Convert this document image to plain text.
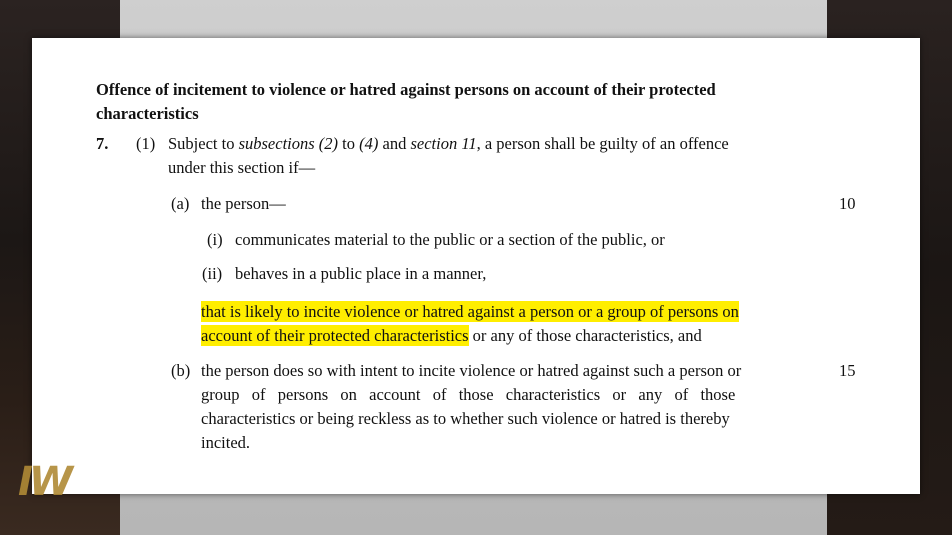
Offence of incitement to violence or hatred against persons on account of their protected
characteristics
7. (1) Subject to subsections (2) to (4) and section 11, a person shall be guilty of an offence
under this section if—
(a) the person—	10
(i) communicates material to the public or a section of the public, or
(ii) behaves in a public place in a manner,
that is likely to incite violence or hatred against a person or a group of persons on
account of their protected characteristics or any of those characteristics, and
(b) the person does so with intent to incite violence or hatred against such a person or	15
group  of  persons  on  account  of  those  characteristics  or  any  of  those
characteristics or being reckless as to whether such violence or hatred is thereby
incited.
IW
